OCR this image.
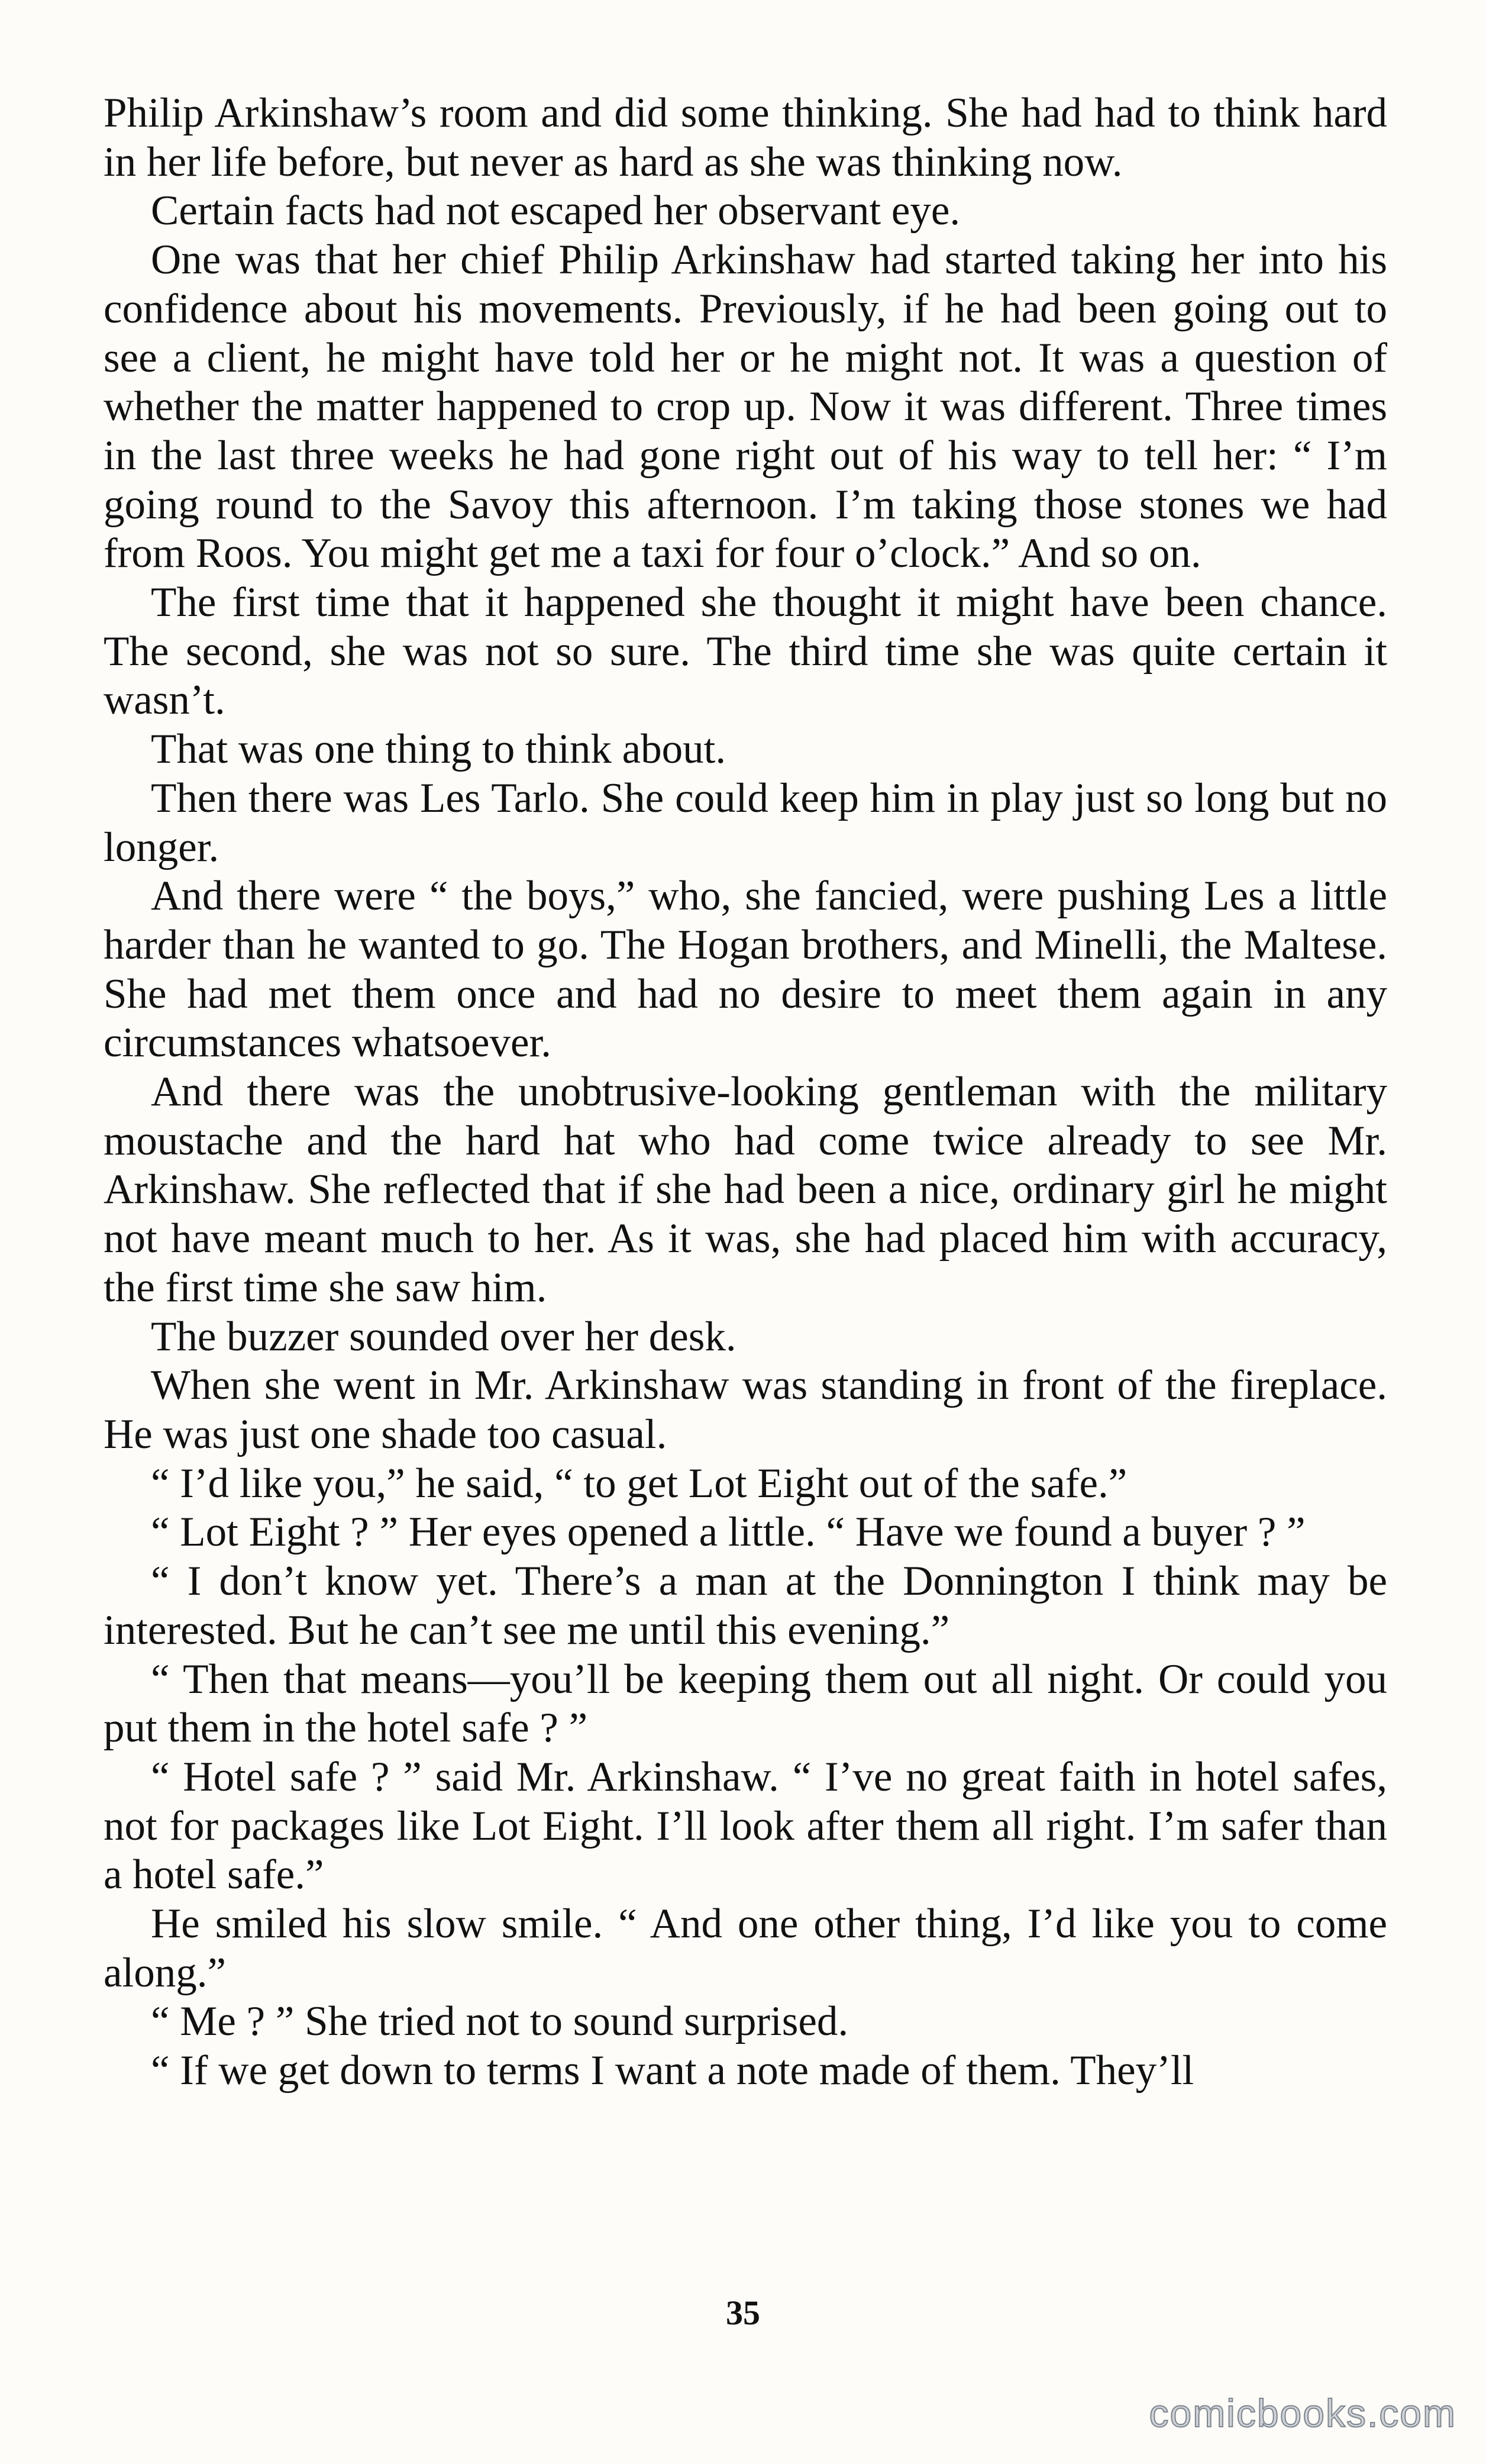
Philip Arkinshaw’s room and did some thinking. She had had to think hard in her life before, but never as hard as she was thinking now.

Certain facts had not escaped her observant eye.

One was that her chief Philip Arkinshaw had started taking her into his confidence about his movements. Previously, if he had been going out to see a client, he might have told her or he might not. It was a question of whether the matter happened to crop up. Now it was different. Three times in the last three weeks he had gone right out of his way to tell her: “ I’m going round to the Savoy this afternoon. I’m taking those stones we had from Roos. You might get me a taxi for four o’clock.” And so on.

The first time that it happened she thought it might have been chance. The second, she was not so sure. The third time she was quite certain it wasn’t.

That was one thing to think about.

Then there was Les Tarlo. She could keep him in play just so long but no longer.

And there were “ the boys,” who, she fancied, were pushing Les a little harder than he wanted to go. The Hogan brothers, and Minelli, the Maltese. She had met them once and had no desire to meet them again in any circumstances whatsoever.

And there was the unobtrusive-looking gentleman with the military moustache and the hard hat who had come twice already to see Mr. Arkinshaw. She reflected that if she had been a nice, ordinary girl he might not have meant much to her. As it was, she had placed him with accuracy, the first time she saw him.

The buzzer sounded over her desk.

When she went in Mr. Arkinshaw was standing in front of the fireplace. He was just one shade too casual.

“ I’d like you,” he said, “ to get Lot Eight out of the safe.”

“ Lot Eight ? ” Her eyes opened a little. “ Have we found a buyer ? ”

“ I don’t know yet. There’s a man at the Donnington I think may be interested. But he can’t see me until this evening.”

“ Then that means—you’ll be keeping them out all night. Or could you put them in the hotel safe ? ”

“ Hotel safe ? ” said Mr. Arkinshaw. “ I’ve no great faith in hotel safes, not for packages like Lot Eight. I’ll look after them all right. I’m safer than a hotel safe.”

He smiled his slow smile. “ And one other thing, I’d like you to come along.”

“ Me ? ” She tried not to sound surprised.

“ If we get down to terms I want a note made of them. They’ll

35
comicbooks.com
